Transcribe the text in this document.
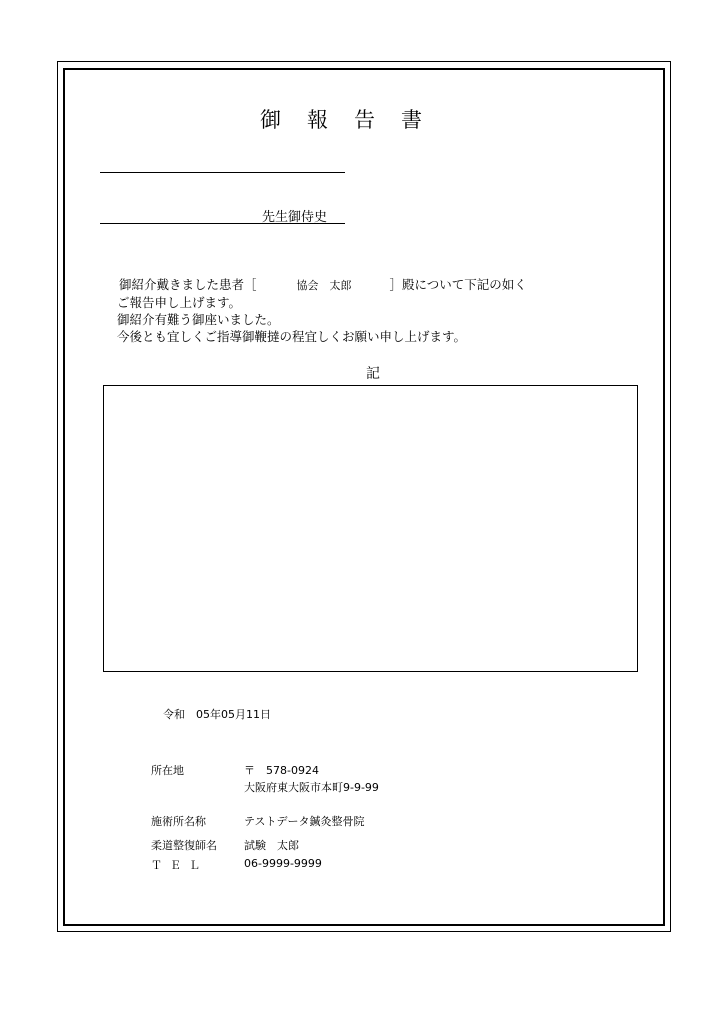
御報告書
先生御侍史
御紹介戴きました患者［	協会　太郎	］殿について下記の如く
ご報告申し上げます。
御紹介有難う御座いました。
今後とも宜しくご指導御鞭撻の程宜しくお願い申し上げます。
記
令和　05年05月11日
所在地	〒　578-0924
大阪府東大阪市本町9-9-99
施術所名称	テストデータ鍼灸整骨院
柔道整復師名 試験　太郎
ＴＥＬ	06-9999-9999
